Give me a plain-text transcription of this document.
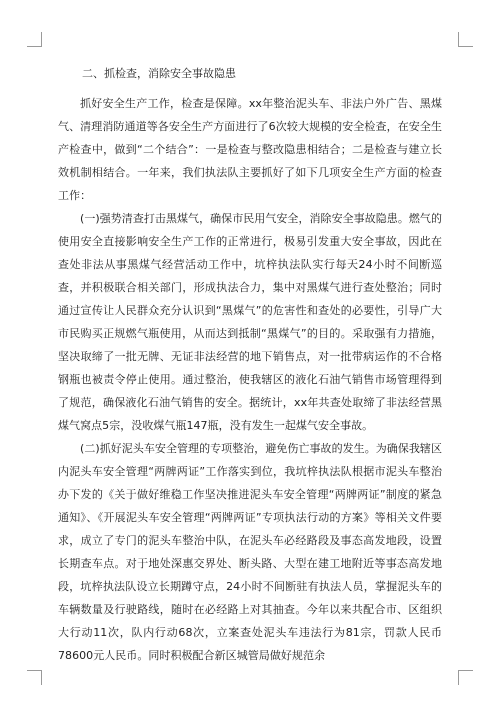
二、抓检查，消除安全事故隐患

抓好安全生产工作，检查是保障。xx年整治泥头车、非法户外广告、黑煤气、清理消防通道等各安全生产方面进行了6次较大规模的安全检查，在安全生产检查中，做到“二个结合”：一是检查与整改隐患相结合；二是检查与建立长效机制相结合。一年来，我们执法队主要抓好了如下几项安全生产方面的检查工作：

(一)强势清查打击黑煤气，确保市民用气安全，消除安全事故隐患。燃气的使用安全直接影响安全生产工作的正常进行，极易引发重大安全事故，因此在查处非法从事黑煤气经营活动工作中，坑梓执法队实行每天24小时不间断巡查，并积极联合相关部门，形成执法合力，集中对黑煤气进行查处整治；同时通过宣传让人民群众充分认识到“黑煤气”的危害性和查处的必要性，引导广大市民购买正规燃气瓶使用，从而达到抵制“黑煤气”的目的。采取强有力措施，坚决取缔了一批无牌、无证非法经营的地下销售点，对一批带病运作的不合格钢瓶也被责令停止使用。通过整治，使我辖区的液化石油气销售市场管理得到了规范，确保液化石油气销售的安全。据统计，xx年共查处取缔了非法经营黑煤气窝点5宗，没收煤气瓶147瓶，没有发生一起煤气安全事故。

(二)抓好泥头车安全管理的专项整治，避免伤亡事故的发生。为确保我辖区内泥头车安全管理“两牌两证”工作落实到位，我坑梓执法队根据市泥头车整治办下发的《关于做好维稳工作坚决推进泥头车安全管理“两牌两证”制度的紧急通知》、《开展泥头车安全管理“两牌两证”专项执法行动的方案》等相关文件要求，成立了专门的泥头车整治中队，在泥头车必经路段及事态高发地段，设置长期查车点。对于地处深惠交界处、断头路、大型在建工地附近等事态高发地段，坑梓执法队设立长期蹲守点，24小时不间断驻有执法人员，掌握泥头车的车辆数量及行驶路线，随时在必经路上对其抽查。今年以来共配合市、区组织大行动11次，队内行动68次，立案查处泥头车违法行为81宗，罚款人民币78600元人民币。同时积极配合新区城管局做好规范余
